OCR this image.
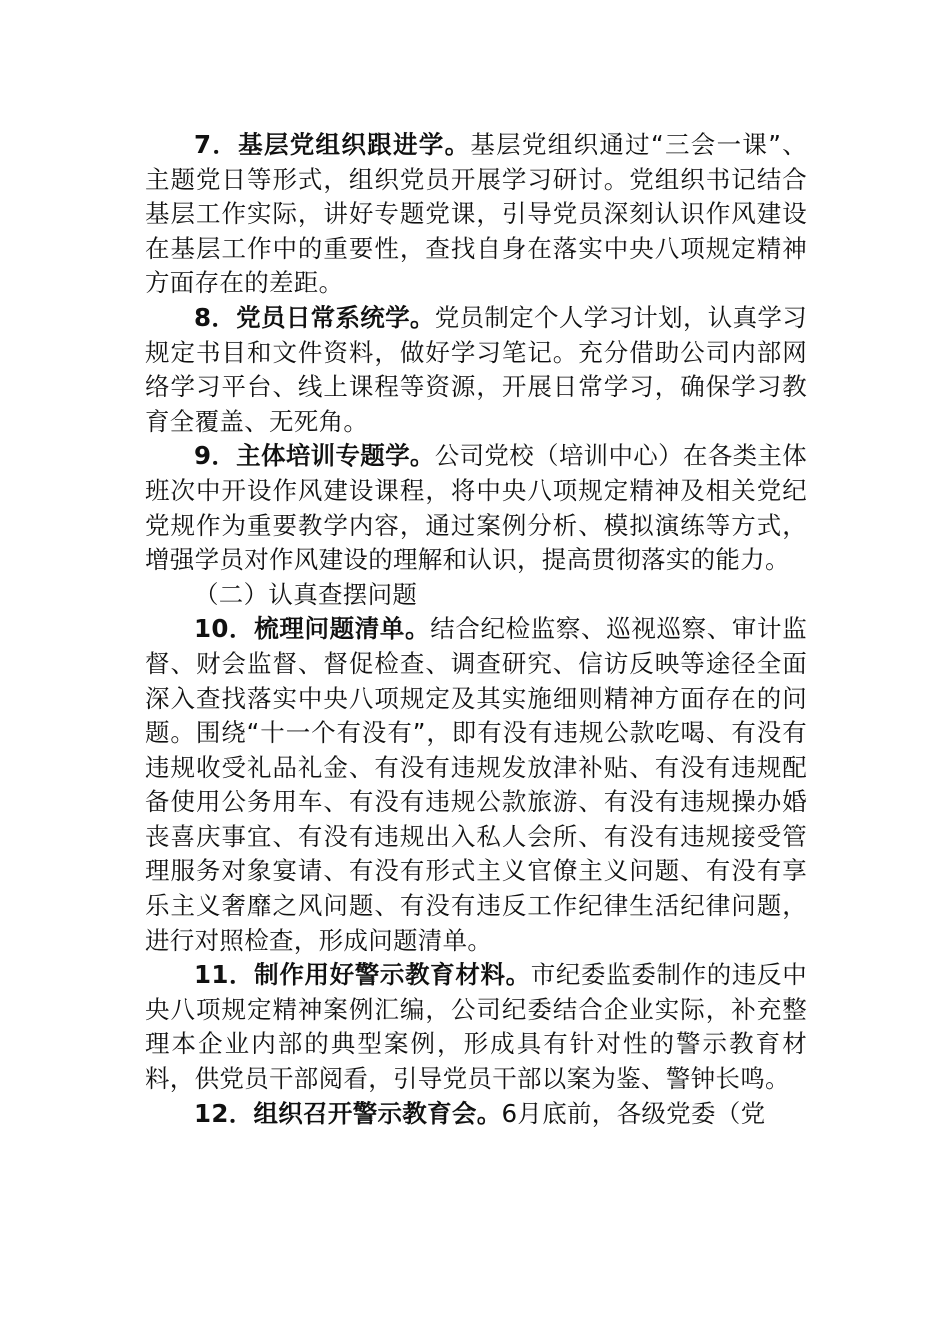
7．基层党组织跟进学。基层党组织通过“三会一课”、主题党日等形式，组织党员开展学习研讨。党组织书记结合基层工作实际，讲好专题党课，引导党员深刻认识作风建设在基层工作中的重要性，查找自身在落实中央八项规定精神方面存在的差距。

8．党员日常系统学。党员制定个人学习计划，认真学习规定书目和文件资料，做好学习笔记。充分借助公司内部网络学习平台、线上课程等资源，开展日常学习，确保学习教育全覆盖、无死角。

9．主体培训专题学。公司党校（培训中心）在各类主体班次中开设作风建设课程，将中央八项规定精神及相关党纪党规作为重要教学内容，通过案例分析、模拟演练等方式，增强学员对作风建设的理解和认识，提高贯彻落实的能力。

（二）认真查摆问题

10．梳理问题清单。结合纪检监察、巡视巡察、审计监督、财会监督、督促检查、调查研究、信访反映等途径全面深入查找落实中央八项规定及其实施细则精神方面存在的问题。围绕“十一个有没有”，即有没有违规公款吃喝、有没有违规收受礼品礼金、有没有违规发放津补贴、有没有违规配备使用公务用车、有没有违规公款旅游、有没有违规操办婚丧喜庆事宜、有没有违规出入私人会所、有没有违规接受管理服务对象宴请、有没有形式主义官僚主义问题、有没有享乐主义奢靡之风问题、有没有违反工作纪律生活纪律问题，进行对照检查，形成问题清单。

11．制作用好警示教育材料。市纪委监委制作的违反中央八项规定精神案例汇编，公司纪委结合企业实际，补充整理本企业内部的典型案例，形成具有针对性的警示教育材料，供党员干部阅看，引导党员干部以案为鉴、警钟长鸣。

12．组织召开警示教育会。6月底前，各级党委（党
